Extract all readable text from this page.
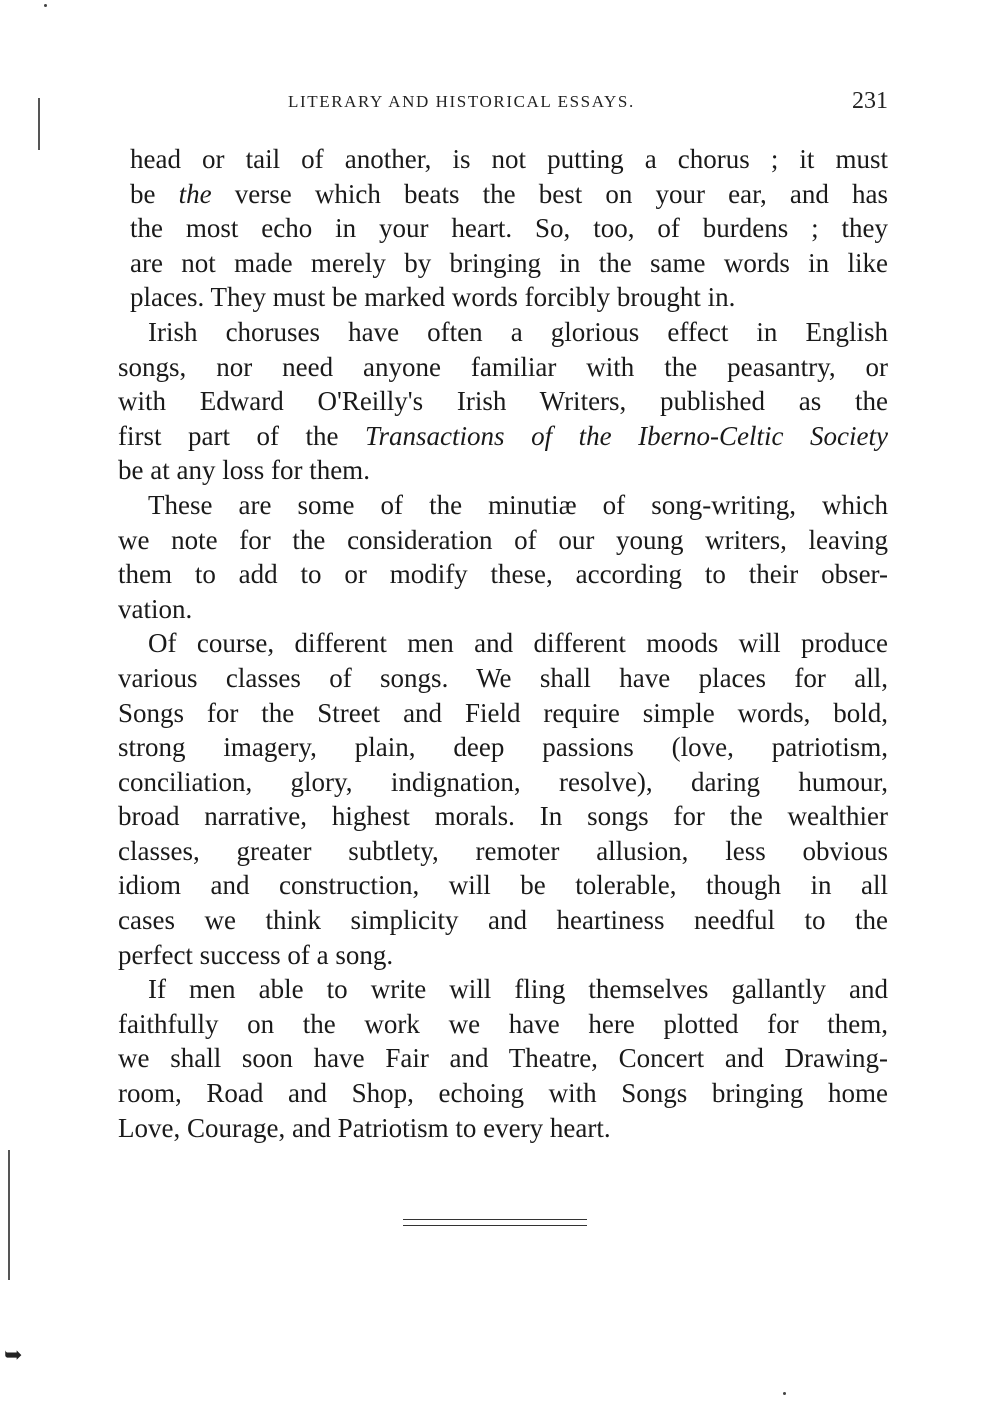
LITERARY AND HISTORICAL ESSAYS.	231
head or tail of another, is not putting a chorus ; it must
be the verse which beats the best on your ear, and has
the most echo in your heart. So, too, of burdens ; they
are not made merely by bringing in the same words in like
places. They must be marked words forcibly brought in.
Irish choruses have often a glorious effect in English
songs, nor need anyone familiar with the peasantry, or
with Edward O'Reilly's Irish Writers, published as the
first part of the Transactions of the Iberno-Celtic Society
be at any loss for them.
These are some of the minutiæ of song-writing, which
we note for the consideration of our young writers, leaving
them to add to or modify these, according to their obser-
vation.
Of course, different men and different moods will produce
various classes of songs. We shall have places for all,
Songs for the Street and Field require simple words, bold,
strong imagery, plain, deep passions (love, patriotism,
conciliation, glory, indignation, resolve), daring humour,
broad narrative, highest morals. In songs for the wealthier
classes, greater subtlety, remoter allusion, less obvious
idiom and construction, will be tolerable, though in all
cases we think simplicity and heartiness needful to the
perfect success of a song.
If men able to write will fling themselves gallantly and
faithfully on the work we have here plotted for them,
we shall soon have Fair and Theatre, Concert and Drawing-
room, Road and Shop, echoing with Songs bringing home
Love, Courage, and Patriotism to every heart.
➥
